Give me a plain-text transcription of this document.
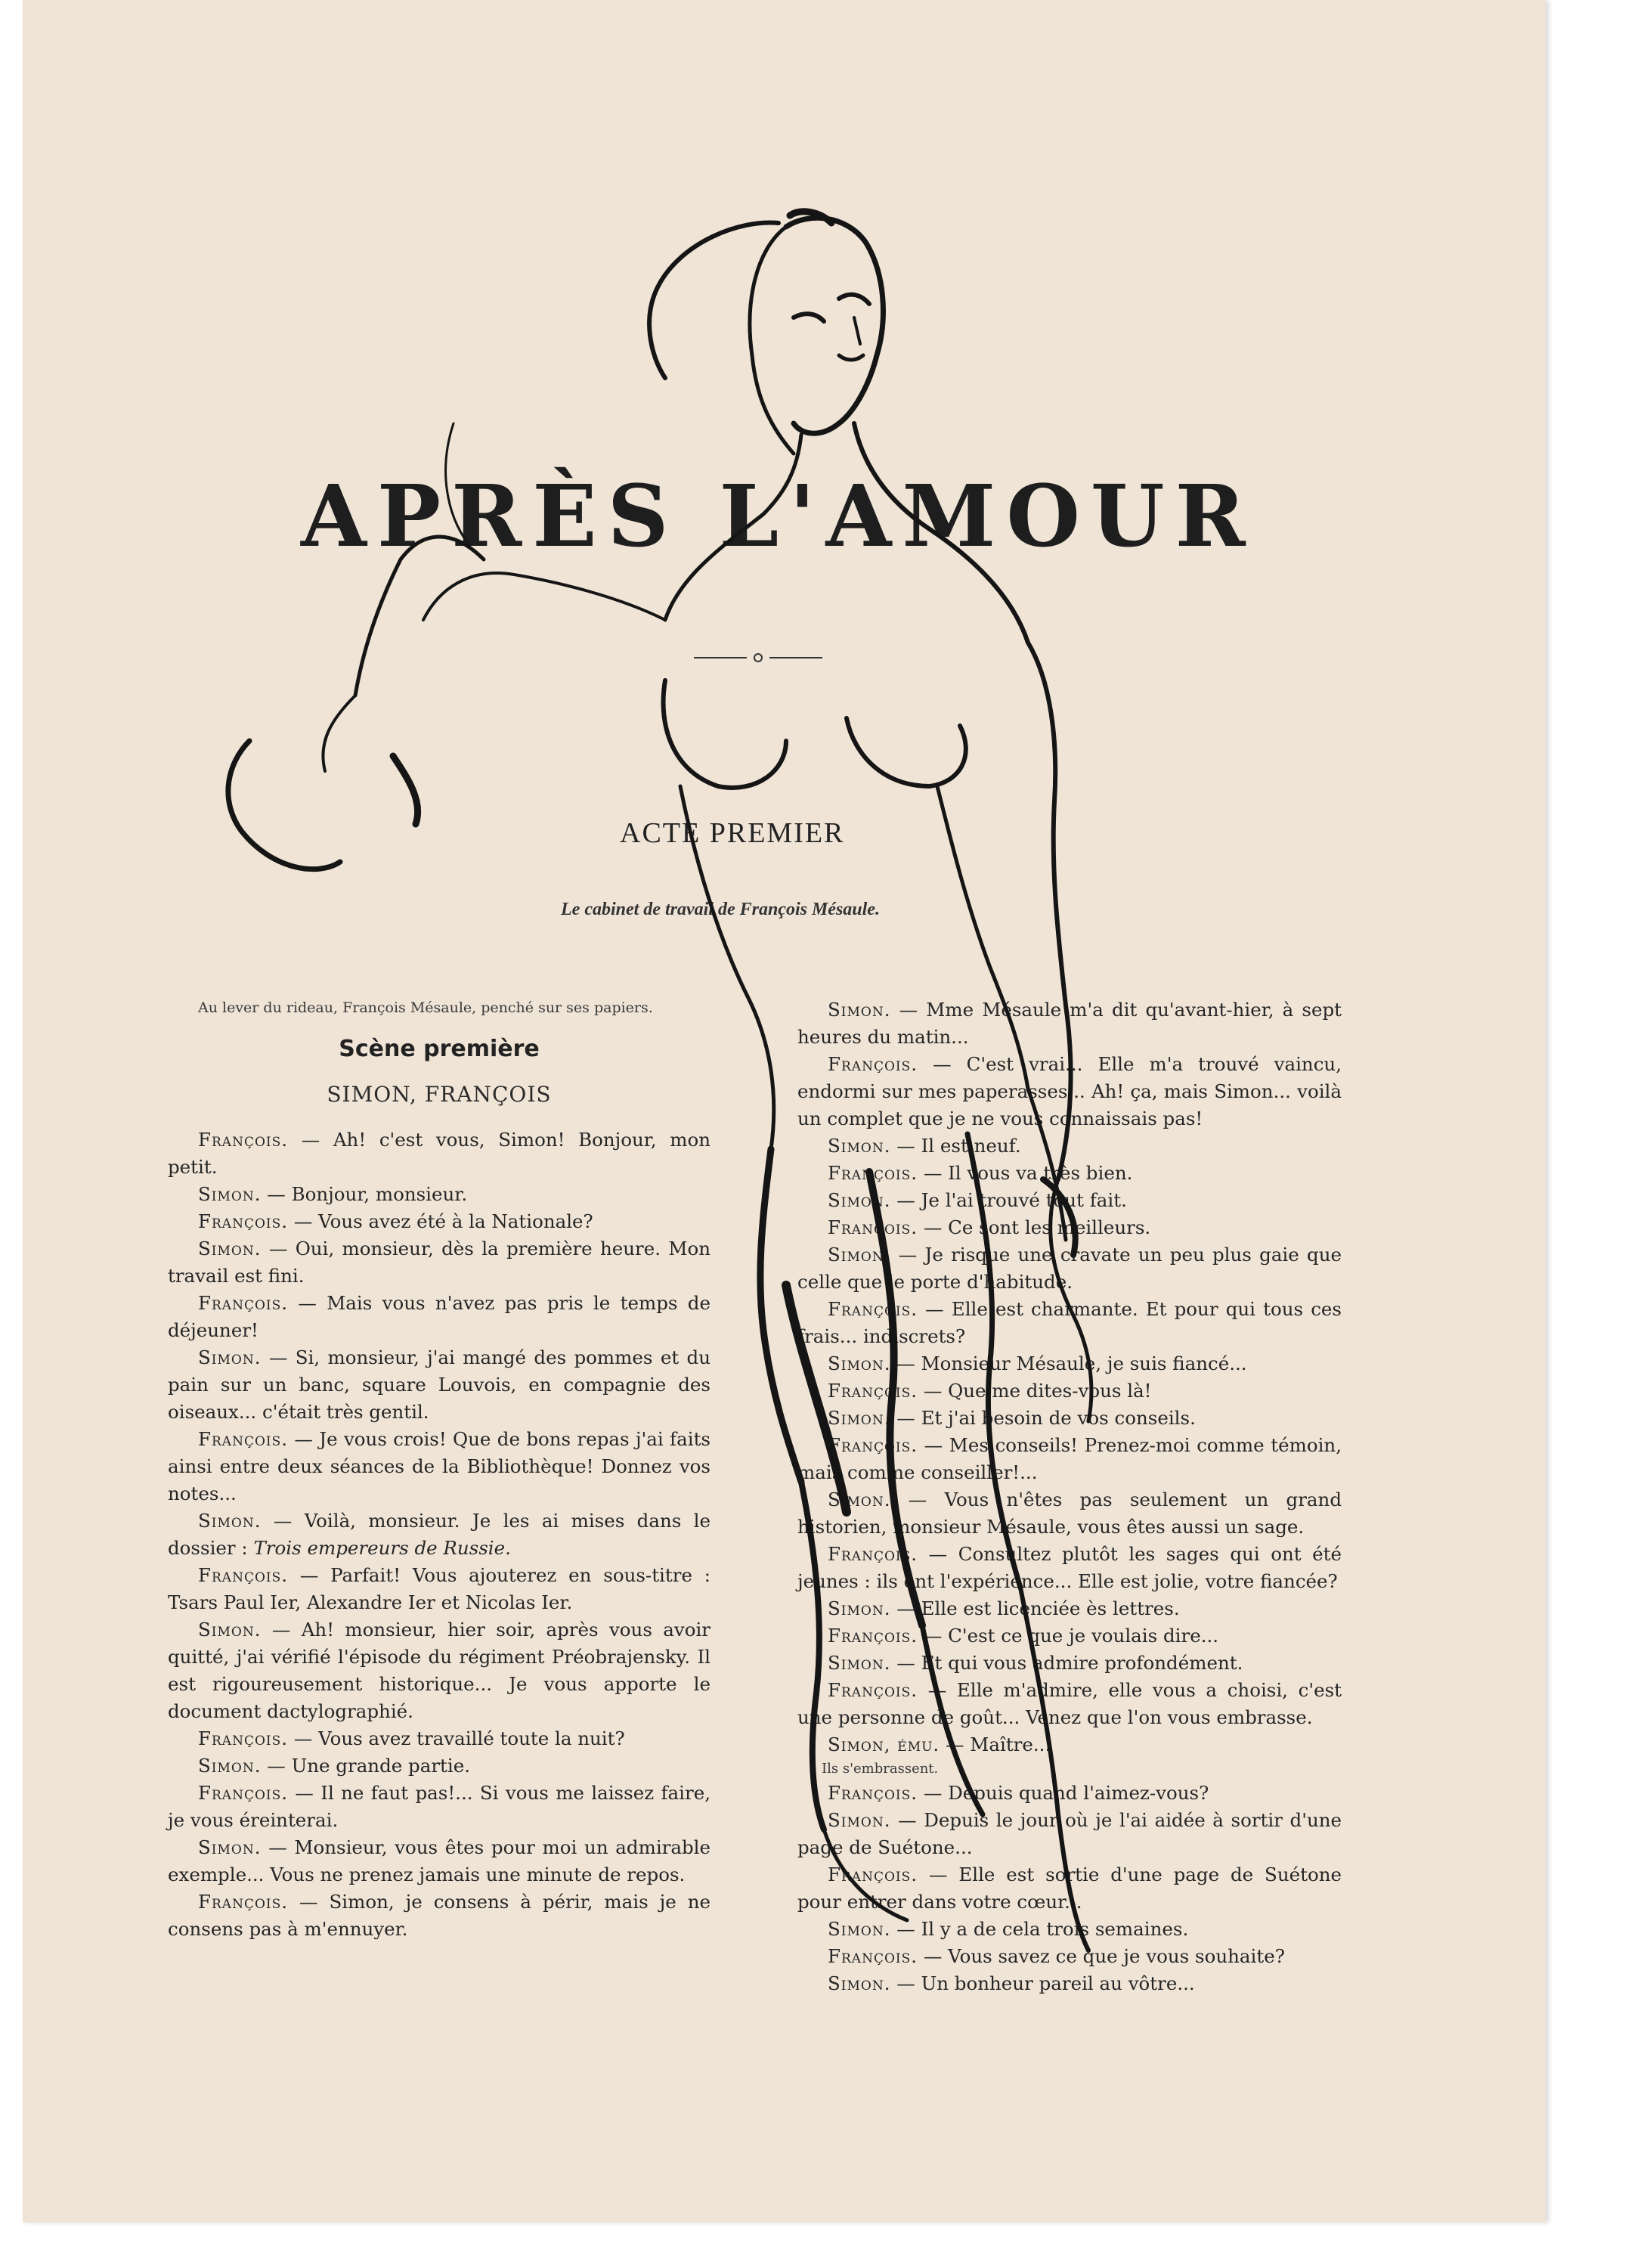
APRÈS L'AMOUR
ACTE PREMIER
Le cabinet de travail de François Mésaule.

Au lever du rideau, François Mésaule, penché sur ses papiers.

Scène première
SIMON, FRANÇOIS

François. — Ah! c'est vous, Simon! Bonjour, mon petit.

Simon. — Bonjour, monsieur.

François. — Vous avez été à la Nationale?

Simon. — Oui, monsieur, dès la première heure. Mon travail est fini.

François. — Mais vous n'avez pas pris le temps de déjeuner!

Simon. — Si, monsieur, j'ai mangé des pommes et du pain sur un banc, square Louvois, en compagnie des oiseaux... c'était très gentil.

François. — Je vous crois! Que de bons repas j'ai faits ainsi entre deux séances de la Bibliothèque! Donnez vos notes...

Simon. — Voilà, monsieur. Je les ai mises dans le dossier : Trois empereurs de Russie.

François. — Parfait! Vous ajouterez en sous-titre : Tsars Paul Ier, Alexandre Ier et Nicolas Ier.

Simon. — Ah! monsieur, hier soir, après vous avoir quitté, j'ai vérifié l'épisode du régiment Préobrajensky. Il est rigoureusement historique... Je vous apporte le document dactylographié.

François. — Vous avez travaillé toute la nuit?

Simon. — Une grande partie.

François. — Il ne faut pas!... Si vous me laissez faire, je vous éreinterai.

Simon. — Monsieur, vous êtes pour moi un admirable exemple... Vous ne prenez jamais une minute de repos.

François. — Simon, je consens à périr, mais je ne consens pas à m'ennuyer.

Simon. — Mme Mésaule m'a dit qu'avant-hier, à sept heures du matin...

François. — C'est vrai... Elle m'a trouvé vaincu, endormi sur mes paperasses... Ah! ça, mais Simon... voilà un complet que je ne vous connaissais pas!

Simon. — Il est neuf.

François. — Il vous va très bien.

Simon. — Je l'ai trouvé tout fait.

François. — Ce sont les meilleurs.

Simon. — Je risque une cravate un peu plus gaie que celle que je porte d'habitude.

François. — Elle est charmante. Et pour qui tous ces frais... indiscrets?

Simon. — Monsieur Mésaule, je suis fiancé...

François. — Que me dites-vous là!

Simon. — Et j'ai besoin de vos conseils.

François. — Mes conseils! Prenez-moi comme témoin, mais comme conseiller!...

Simon. — Vous n'êtes pas seulement un grand historien, monsieur Mésaule, vous êtes aussi un sage.

François. — Consultez plutôt les sages qui ont été jeunes : ils ont l'expérience... Elle est jolie, votre fiancée?

Simon. — Elle est licenciée ès lettres.

François. — C'est ce que je voulais dire...

Simon. — Et qui vous admire profondément.

François. — Elle m'admire, elle vous a choisi, c'est une personne de goût... Venez que l'on vous embrasse.

Simon, ému. — Maître...

Ils s'embrassent.

François. — Depuis quand l'aimez-vous?

Simon. — Depuis le jour où je l'ai aidée à sortir d'une page de Suétone...

François. — Elle est sortie d'une page de Suétone pour entrer dans votre cœur...

Simon. — Il y a de cela trois semaines.

François. — Vous savez ce que je vous souhaite?

Simon. — Un bonheur pareil au vôtre...
